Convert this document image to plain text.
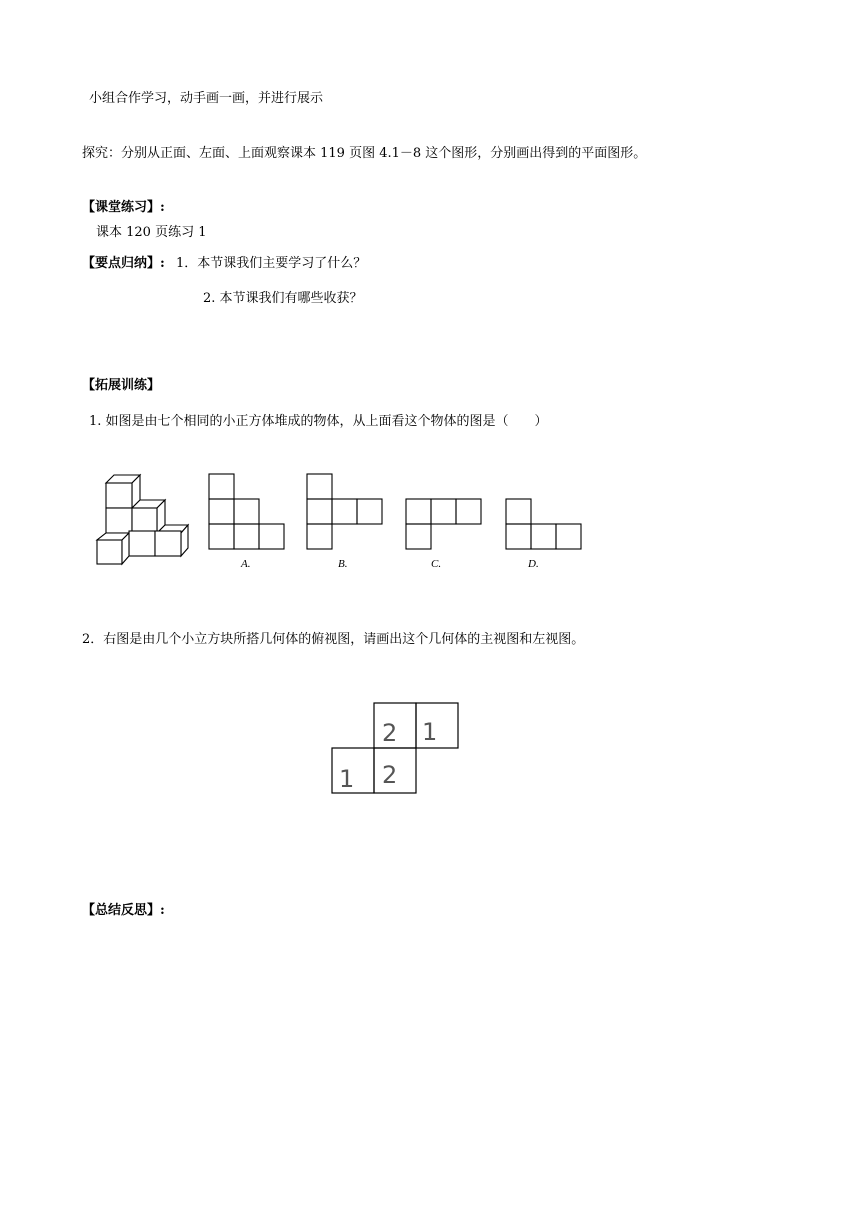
小组合作学习，动手画一画，并进行展示
探究：分别从正面、左面、上面观察课本 119 页图 4.1－8 这个图形，分别画出得到的平面图形。
【课堂练习】:
课本 120 页练习 1
【要点归纳】: 1．本节课我们主要学习了什么？
2. 本节课我们有哪些收获？
【拓展训练】
1. 如图是由七个相同的小正方体堆成的物体，从上面看这个物体的图是（　　）
A.	B.	C.	D.
2 1
1 2
2．右图是由几个小立方块所搭几何体的俯视图，请画出这个几何体的主视图和左视图。
【总结反思】:
